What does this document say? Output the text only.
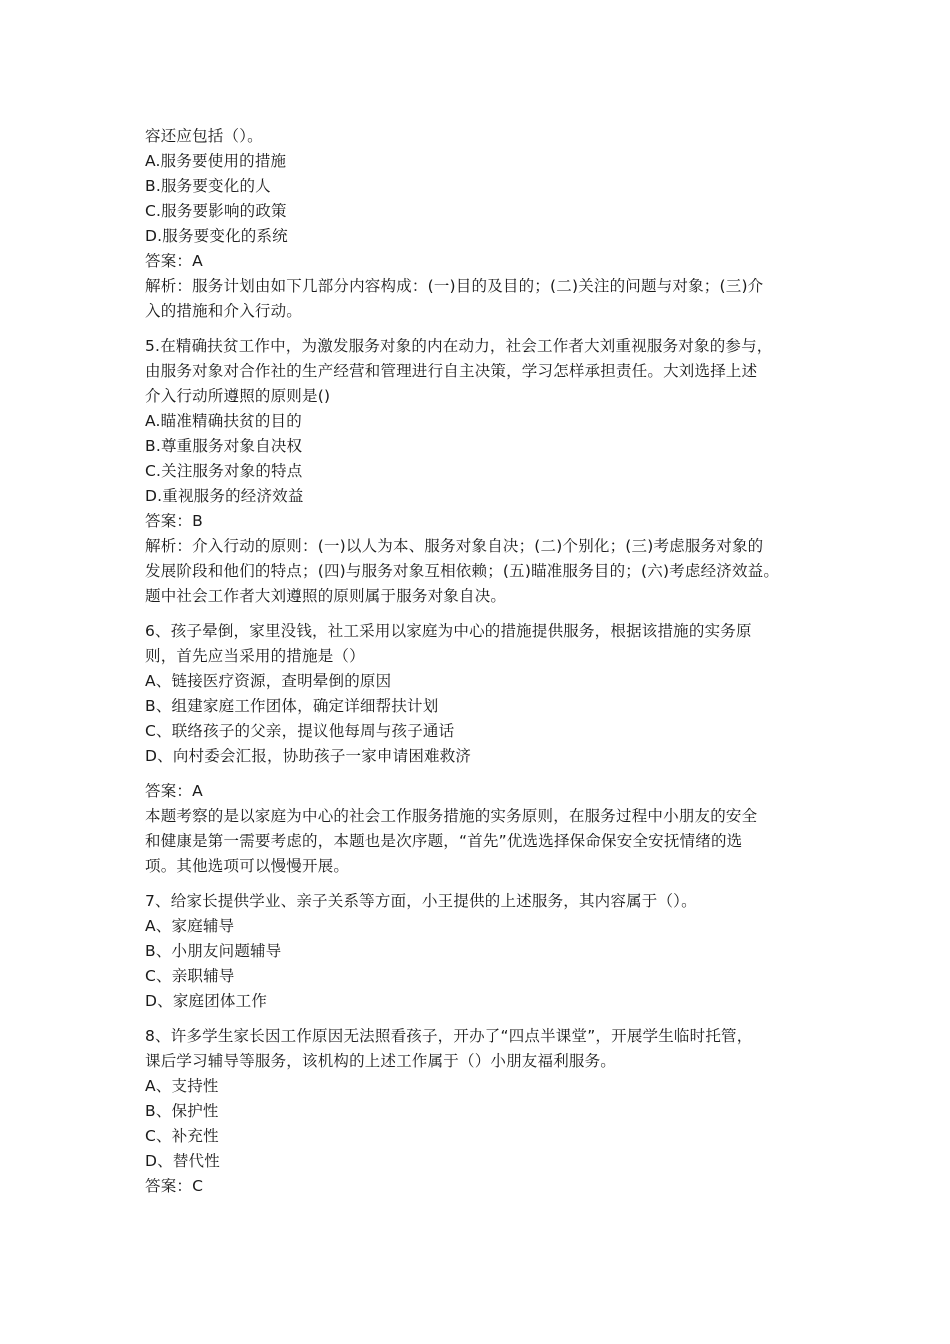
容还应包括（）。
A.服务要使用的措施
B.服务要变化的人
C.服务要影响的政策
D.服务要变化的系统
答案：A
解析：服务计划由如下几部分内容构成：(一)目的及目的；(二)关注的问题与对象；(三)介
入的措施和介入行动。
5.在精确扶贫工作中，为激发服务对象的内在动力，社会工作者大刘重视服务对象的参与，
由服务对象对合作社的生产经营和管理进行自主决策，学习怎样承担责任。大刘选择上述
介入行动所遵照的原则是()
A.瞄准精确扶贫的目的
B.尊重服务对象自决权
C.关注服务对象的特点
D.重视服务的经济效益
答案：B
解析：介入行动的原则：(一)以人为本、服务对象自决；(二)个别化；(三)考虑服务对象的
发展阶段和他们的特点；(四)与服务对象互相依赖；(五)瞄准服务目的；(六)考虑经济效益。
题中社会工作者大刘遵照的原则属于服务对象自决。
6、孩子晕倒，家里没钱，社工采用以家庭为中心的措施提供服务，根据该措施的实务原
则，首先应当采用的措施是（）
A、链接医疗资源，查明晕倒的原因
B、组建家庭工作团体，确定详细帮扶计划
C、联络孩子的父亲，提议他每周与孩子通话
D、向村委会汇报，协助孩子一家申请困难救济
答案：A
本题考察的是以家庭为中心的社会工作服务措施的实务原则，在服务过程中小朋友的安全
和健康是第一需要考虑的，本题也是次序题，“首先”优选选择保命保安全安抚情绪的选
项。其他选项可以慢慢开展。
7、给家长提供学业、亲子关系等方面，小王提供的上述服务，其内容属于（）。
A、家庭辅导
B、小朋友问题辅导
C、亲职辅导
D、家庭团体工作
8、许多学生家长因工作原因无法照看孩子，开办了“四点半课堂”，开展学生临时托管，
课后学习辅导等服务，该机构的上述工作属于（）小朋友福利服务。
A、支持性
B、保护性
C、补充性
D、替代性
答案：C
